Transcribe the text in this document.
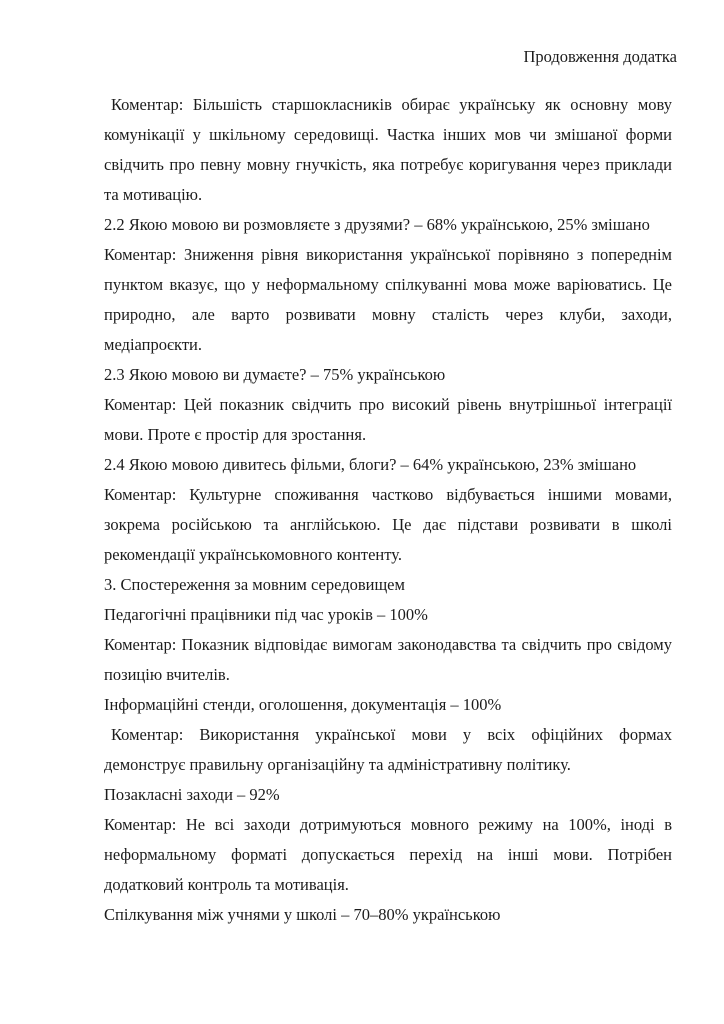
Продовження додатка

Коментар: Більшість старшокласників обирає українську як основну мову комунікації у шкільному середовищі. Частка інших мов чи змішаної форми свідчить про певну мовну гнучкість, яка потребує коригування через приклади та мотивацію.

2.2 Якою мовою ви розмовляєте з друзями? – 68% українською, 25% змішано

Коментар: Зниження рівня використання української порівняно з попереднім пунктом вказує, що у неформальному спілкуванні мова може варіюватись. Це природно, але варто розвивати мовну сталість через клуби, заходи, медіапроєкти.

2.3 Якою мовою ви думаєте? – 75% українською

Коментар: Цей показник свідчить про високий рівень внутрішньої інтеграції мови. Проте є простір для зростання.

2.4 Якою мовою дивитесь фільми, блоги? – 64% українською, 23% змішано

Коментар: Культурне споживання частково відбувається іншими мовами, зокрема російською та англійською. Це дає підстави розвивати в школі рекомендації українськомовного контенту.

3. Спостереження за мовним середовищем

Педагогічні працівники під час уроків – 100%

Коментар: Показник відповідає вимогам законодавства та свідчить про свідому позицію вчителів.

Інформаційні стенди, оголошення, документація – 100%

Коментар: Використання української мови у всіх офіційних формах демонструє правильну організаційну та адміністративну політику.

Позакласні заходи – 92%

Коментар: Не всі заходи дотримуються мовного режиму на 100%, іноді в неформальному форматі допускається перехід на інші мови. Потрібен додатковий контроль та мотивація.

Спілкування між учнями у школі – 70–80% українською
